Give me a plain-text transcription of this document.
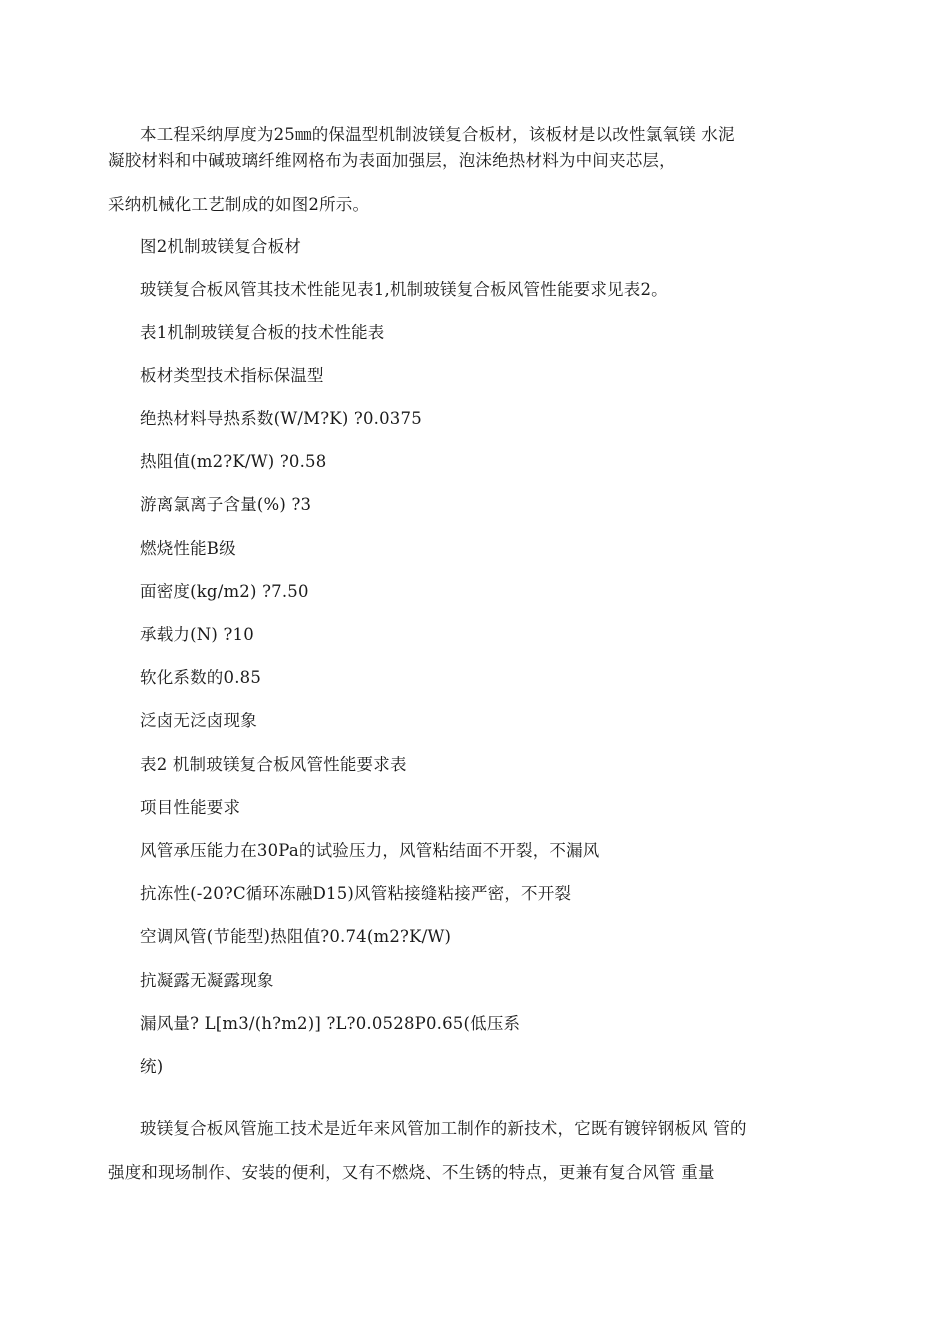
本工程采纳厚度为25㎜的保温型机制波镁复合板材，该板材是以改性氯氧镁 水泥
凝胶材料和中碱玻璃纤维网格布为表面加强层，泡沫绝热材料为中间夹芯层，
采纳机械化工艺制成的如图2所示。
图2机制玻镁复合板材
玻镁复合板风管其技术性能见表1,机制玻镁复合板风管性能要求见表2。
表1机制玻镁复合板的技术性能表
板材类型技术指标保温型
绝热材料导热系数(W/M?K) ?0.0375
热阻值(m2?K/W) ?0.58
游离氯离子含量(%) ?3
燃烧性能B级
面密度(kg/m2) ?7.50
承载力(N) ?10
软化系数的0.85
泛卤无泛卤现象
表2 机制玻镁复合板风管性能要求表
项目性能要求
风管承压能力在30Pa的试验压力，风管粘结面不开裂，不漏风
抗冻性(-20?C循环冻融D15)风管粘接缝粘接严密，不开裂
空调风管(节能型)热阻值?0.74(m2?K/W)
抗凝露无凝露现象
漏风量? L[m3/(h?m2)] ?L?0.0528P0.65(低压系
统)
玻镁复合板风管施工技术是近年来风管加工制作的新技术，它既有镀锌钢板风 管的
强度和现场制作、安装的便利，又有不燃烧、不生锈的特点，更兼有复合风管 重量
